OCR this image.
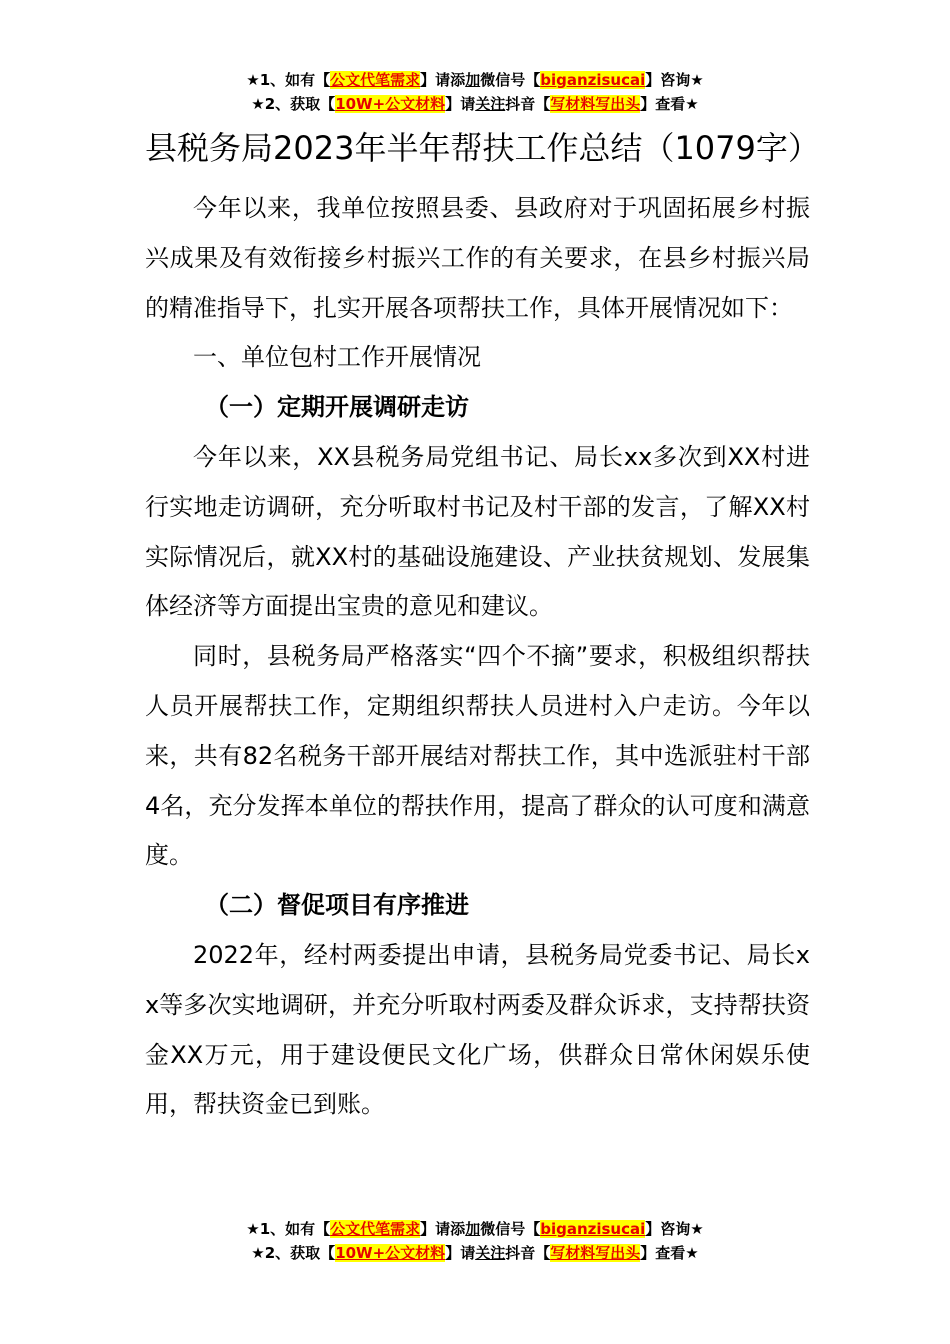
★1、如有【公文代笔需求】请添加微信号【biganzisucai】咨询★
★2、获取【10W+公文材料】请关注抖音【写材料写出头】查看★
县税务局2023年半年帮扶工作总结（1079字）

今年以来，我单位按照县委、县政府对于巩固拓展乡村振兴成果及有效衔接乡村振兴工作的有关要求，在县乡村振兴局的精准指导下，扎实开展各项帮扶工作，具体开展情况如下：

一、单位包村工作开展情况

（一）定期开展调研走访

今年以来，XX县税务局党组书记、局长xx多次到XX村进行实地走访调研，充分听取村书记及村干部的发言，了解XX村实际情况后，就XX村的基础设施建设、产业扶贫规划、发展集体经济等方面提出宝贵的意见和建议。

同时，县税务局严格落实“四个不摘”要求，积极组织帮扶人员开展帮扶工作，定期组织帮扶人员进村入户走访。今年以来，共有82名税务干部开展结对帮扶工作，其中选派驻村干部4名，充分发挥本单位的帮扶作用，提高了群众的认可度和满意度。

（二）督促项目有序推进

2022年，经村两委提出申请，县税务局党委书记、局长xx等多次实地调研，并充分听取村两委及群众诉求，支持帮扶资金XX万元，用于建设便民文化广场，供群众日常休闲娱乐使用，帮扶资金已到账。

★1、如有【公文代笔需求】请添加微信号【biganzisucai】咨询★
★2、获取【10W+公文材料】请关注抖音【写材料写出头】查看★
